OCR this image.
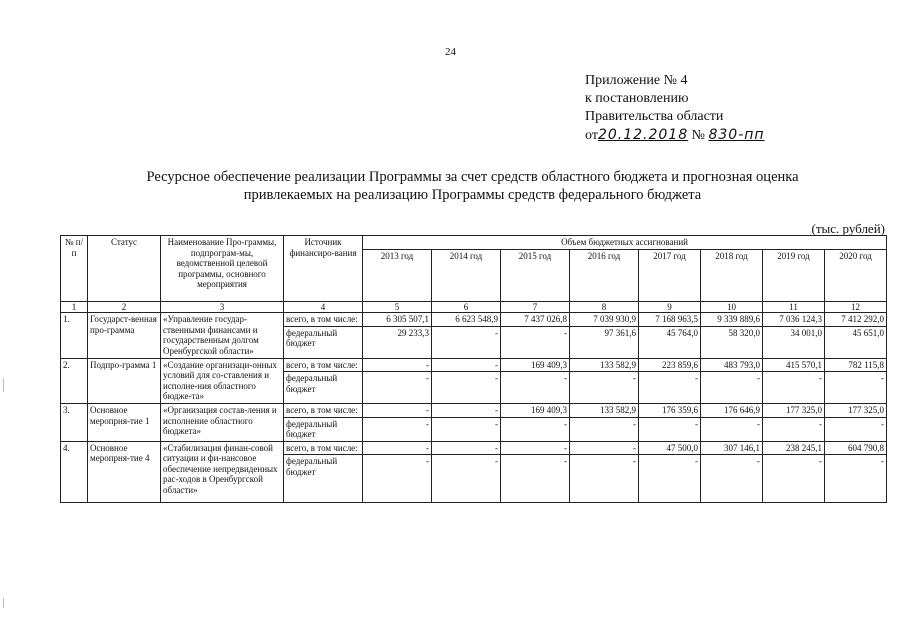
24
Приложение № 4
к постановлению
Правительства области
от20.12.2018 № 830-пп
Ресурсное обеспечение реализации Программы за счет средств областного бюджета и прогнозная оценка
привлекаемых на реализацию Программы средств федерального бюджета
(тыс. рублей)
№ п/п	Статус	Наименование Про-граммы, подпрограм-мы, ведомственной целевой программы, основного мероприятия	Источник финансиро-вания	Объем бюджетных ассигнований							
				2013 год	2014 год	2015 год	2016 год	2017 год	2018 год	2019 год	2020 год
1	2	3	4	5	6	7	8	9	10	11	12
1.	Государст-венная про-грамма	«Управление государ-ственными финансами и государственным долгом Оренбургской области»	всего, в том числе:	6 305 507,1	6 623 548,9	7 437 026,8	7 039 930,9	7 168 963,5	9 339 889,6	7 036 124,3	7 412 292,0
			федеральный бюджет	29 233,3	-	-	97 361,6	45 764,0	58 320,0	34 001,0	45 651,0
2.	Подпро-грамма 1	«Создание организаци-онных условий для со-ставления и исполне-ния областного бюдже-та»	всего, в том числе:	-	-	169 409,3	133 582,9	223 859,6	483 793,0	415 570,1	782 115,8
			федеральный бюджет	-	-	-	-	-	-	-	-
3.	Основное меропрня-тие 1	«Организация состав-ления и исполнение областного бюджета»	всего, в том числе:	-	-	169 409,3	133 582,9	176 359,6	176 646,9	177 325,0	177 325,0
			федеральный бюджет	-	-	-	-	-	-	-	-
4.	Основное меропрня-тие 4	«Стабилизация финан-совой ситуации и фи-нансовое обеспечение непредвиденных рас-ходов в Оренбургской области»	всего, в том числе:	-	-	-	-	47 500,0	307 146,1	238 245,1	604 790,8
			федеральный бюджет	-	-	-	-	-	-	-	-
